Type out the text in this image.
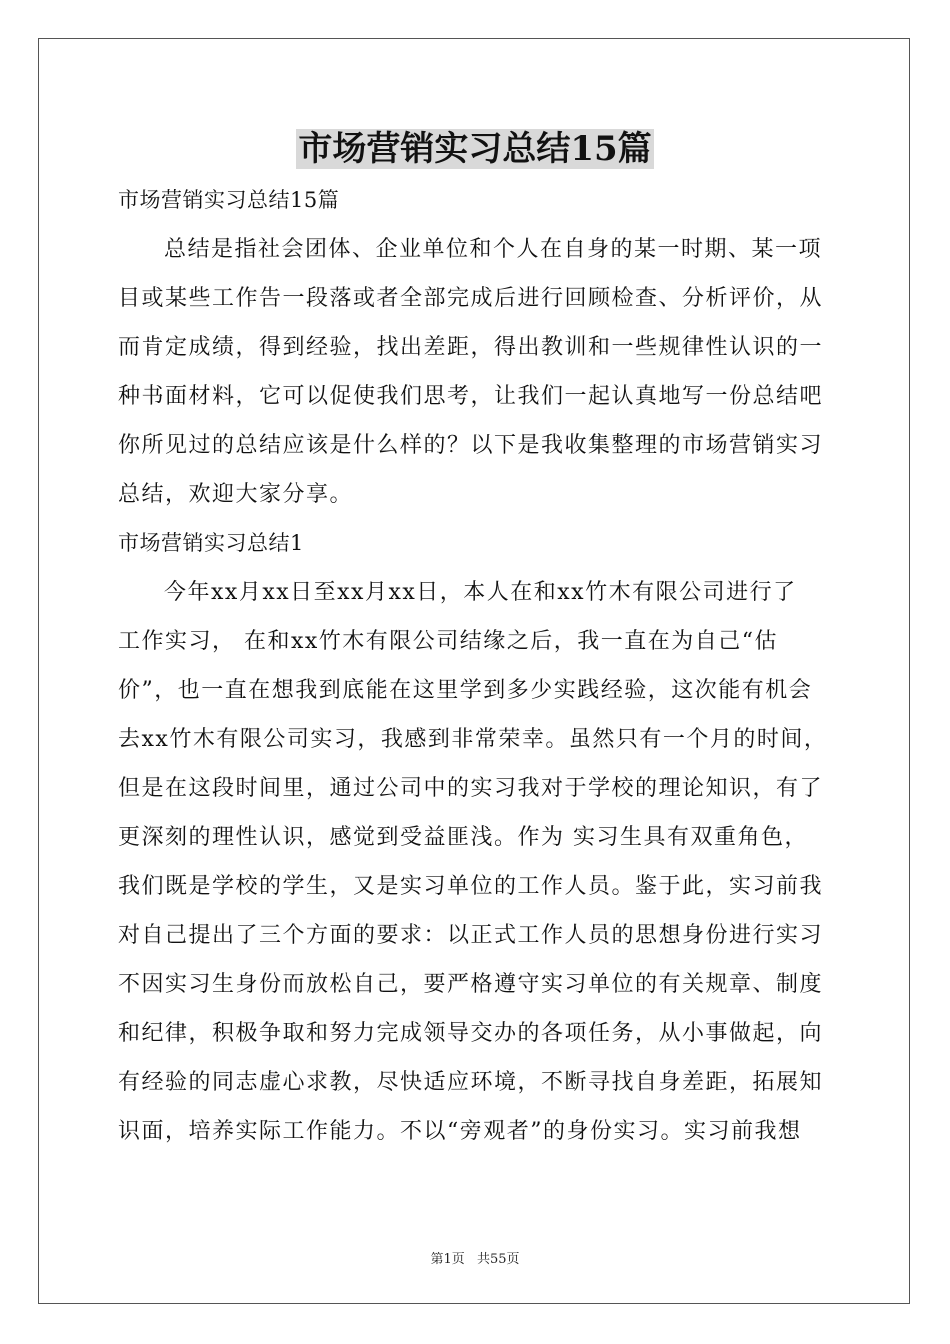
市场营销实习总结15篇
市场营销实习总结15篇
总结是指社会团体、企业单位和个人在自身的某一时期、某一项
目或某些工作告一段落或者全部完成后进行回顾检查、分析评价，从
而肯定成绩，得到经验，找出差距，得出教训和一些规律性认识的一
种书面材料，它可以促使我们思考，让我们一起认真地写一份总结吧
你所见过的总结应该是什么样的？以下是我收集整理的市场营销实习
总结，欢迎大家分享。
市场营销实习总结1
今年xx月xx日至xx月xx日，本人在和xx竹木有限公司进行了
工作实习， 在和xx竹木有限公司结缘之后，我一直在为自己“估
价”，也一直在想我到底能在这里学到多少实践经验，这次能有机会
去xx竹木有限公司实习，我感到非常荣幸。虽然只有一个月的时间，
但是在这段时间里，通过公司中的实习我对于学校的理论知识，有了
更深刻的理性认识，感觉到受益匪浅。作为 实习生具有双重角色，
我们既是学校的学生，又是实习单位的工作人员。鉴于此，实习前我
对自己提出了三个方面的要求：以正式工作人员的思想身份进行实习
不因实习生身份而放松自己，要严格遵守实习单位的有关规章、制度
和纪律，积极争取和努力完成领导交办的各项任务，从小事做起，向
有经验的同志虚心求教，尽快适应环境，不断寻找自身差距，拓展知
识面，培养实际工作能力。不以“旁观者”的身份实习。实习前我想
第1页 共55页
